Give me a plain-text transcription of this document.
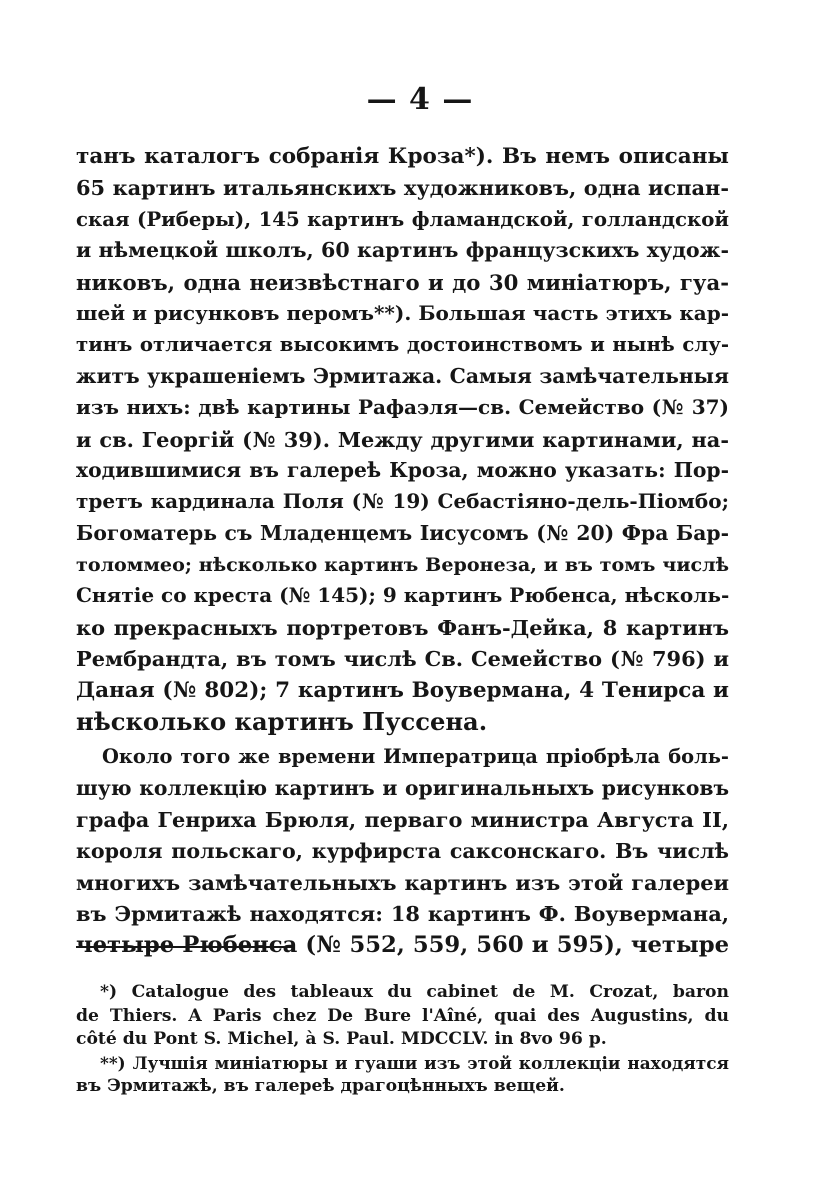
— 4 —
танъ каталогъ собранія Кроза*). Въ немъ описаны
65 картинъ итальянскихъ художниковъ, одна испан-
ская (Риберы), 145 картинъ фламандской, голландской
и нѣмецкой школъ, 60 картинъ французскихъ худож-
никовъ, одна неизвѣстнаго и до 30 миніатюръ, гуа-
шей и рисунковъ перомъ**). Большая часть этихъ кар-
тинъ отличается высокимъ достоинствомъ и нынѣ слу-
житъ украшеніемъ Эрмитажа. Самыя замѣчательныя
изъ нихъ: двѣ картины Рафаэля—св. Семейство (№ 37)
и св. Георгій (№ 39). Между другими картинами, на-
ходившимися въ галереѣ Кроза, можно указать: Пор-
третъ кардинала Поля (№ 19) Себастіяно-дель-Піомбо;
Богоматерь съ Младенцемъ Іисусомъ (№ 20) Фра Бар-
толоммео; нѣсколько картинъ Веронеза, и въ томъ числѣ
Снятіе со креста (№ 145); 9 картинъ Рюбенса, нѣсколь-
ко прекрасныхъ портретовъ Фанъ-Дейка, 8 картинъ
Рембрандта, въ томъ числѣ Св. Семейство (№ 796) и
Даная (№ 802); 7 картинъ Воувермана, 4 Тенирса и
нѣсколько картинъ Пуссена.
Около того же времени Императрица пріобрѣла боль-
шую коллекцію картинъ и оригинальныхъ рисунковъ
графа Генриха Брюля, перваго министра Августа II,
короля польскаго, курфирста саксонскаго. Въ числѣ
многихъ замѣчательныхъ картинъ изъ этой галереи
въ Эрмитажѣ находятся: 18 картинъ Ф. Воувермана,
четыре Рюбенса (№ 552, 559, 560 и 595), четыре
*) Catalogue des tableaux du cabinet de M. Crozat, baron
de Thiers. A Paris chez De Bure l'Aîné, quai des Augustins, du
côté du Pont S. Michel, à S. Paul. MDCCLV. in 8vo 96 p.
**) Лучшія миніатюры и гуаши изъ этой коллекціи находятся
въ Эрмитажѣ, въ галереѣ драгоцѣнныхъ вещей.
